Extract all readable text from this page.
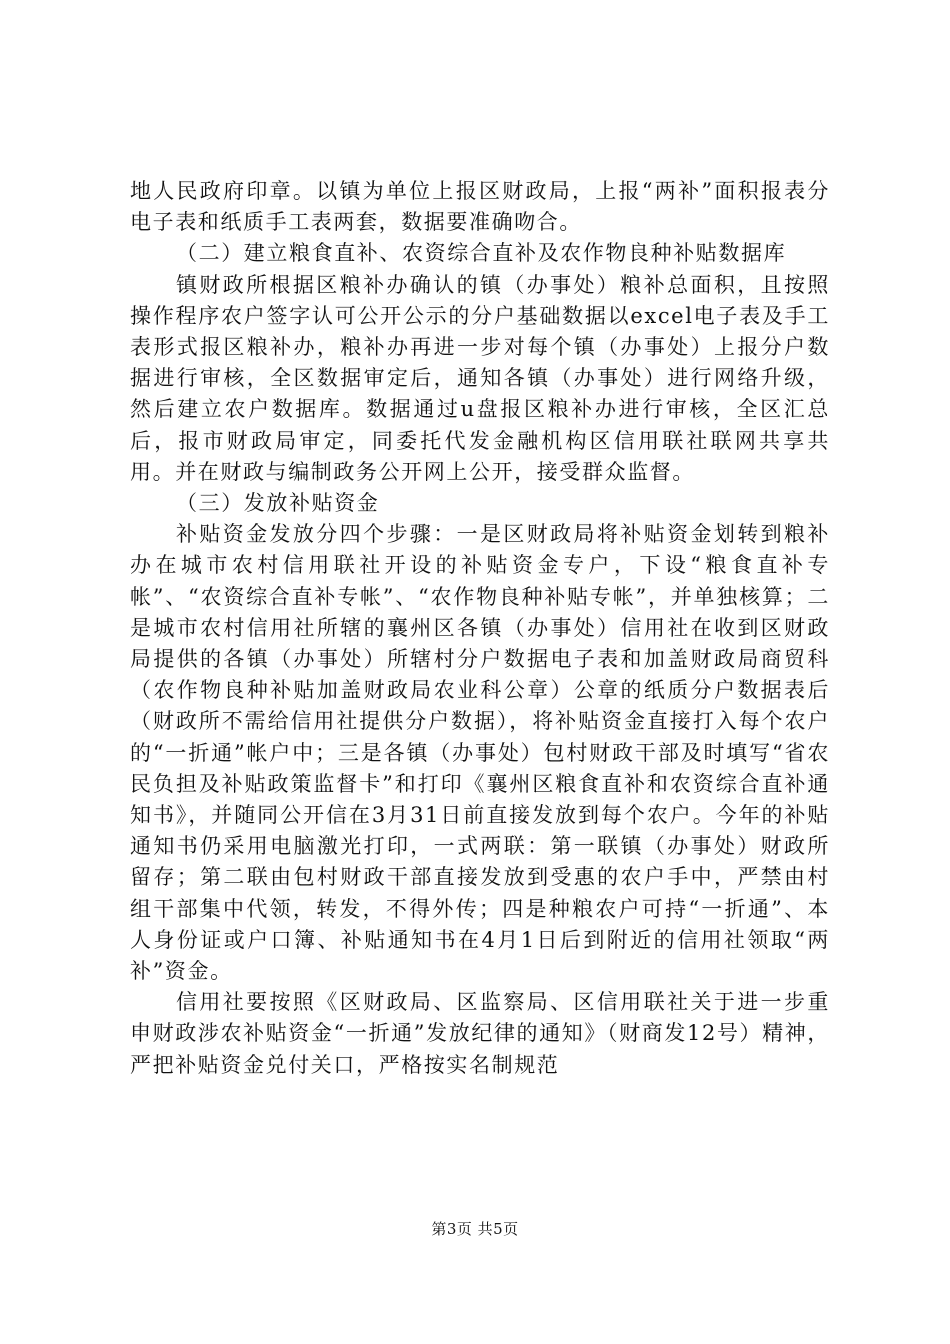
地人民政府印章。以镇为单位上报区财政局，上报“两补”面积报表分电子表和纸质手工表两套，数据要准确吻合。

（二）建立粮食直补、农资综合直补及农作物良种补贴数据库

镇财政所根据区粮补办确认的镇（办事处）粮补总面积，且按照操作程序农户签字认可公开公示的分户基础数据以excel电子表及手工表形式报区粮补办，粮补办再进一步对每个镇（办事处）上报分户数据进行审核，全区数据审定后，通知各镇（办事处）进行网络升级，然后建立农户数据库。数据通过u盘报区粮补办进行审核，全区汇总后，报市财政局审定，同委托代发金融机构区信用联社联网共享共用。并在财政与编制政务公开网上公开，接受群众监督。

（三）发放补贴资金

补贴资金发放分四个步骤：一是区财政局将补贴资金划转到粮补办在城市农村信用联社开设的补贴资金专户，下设“粮食直补专帐”、“农资综合直补专帐”、“农作物良种补贴专帐”，并单独核算；二是城市农村信用社所辖的襄州区各镇（办事处）信用社在收到区财政局提供的各镇（办事处）所辖村分户数据电子表和加盖财政局商贸科（农作物良种补贴加盖财政局农业科公章）公章的纸质分户数据表后（财政所不需给信用社提供分户数据），将补贴资金直接打入每个农户的“一折通”帐户中；三是各镇（办事处）包村财政干部及时填写“省农民负担及补贴政策监督卡”和打印《襄州区粮食直补和农资综合直补通知书》，并随同公开信在3月31日前直接发放到每个农户。今年的补贴通知书仍采用电脑激光打印，一式两联：第一联镇（办事处）财政所留存；第二联由包村财政干部直接发放到受惠的农户手中，严禁由村组干部集中代领，转发，不得外传；四是种粮农户可持“一折通”、本人身份证或户口簿、补贴通知书在4月1日后到附近的信用社领取“两补”资金。

信用社要按照《区财政局、区监察局、区信用联社关于进一步重申财政涉农补贴资金“一折通”发放纪律的通知》（财商发12号）精神，严把补贴资金兑付关口，严格按实名制规范

第3页 共5页
